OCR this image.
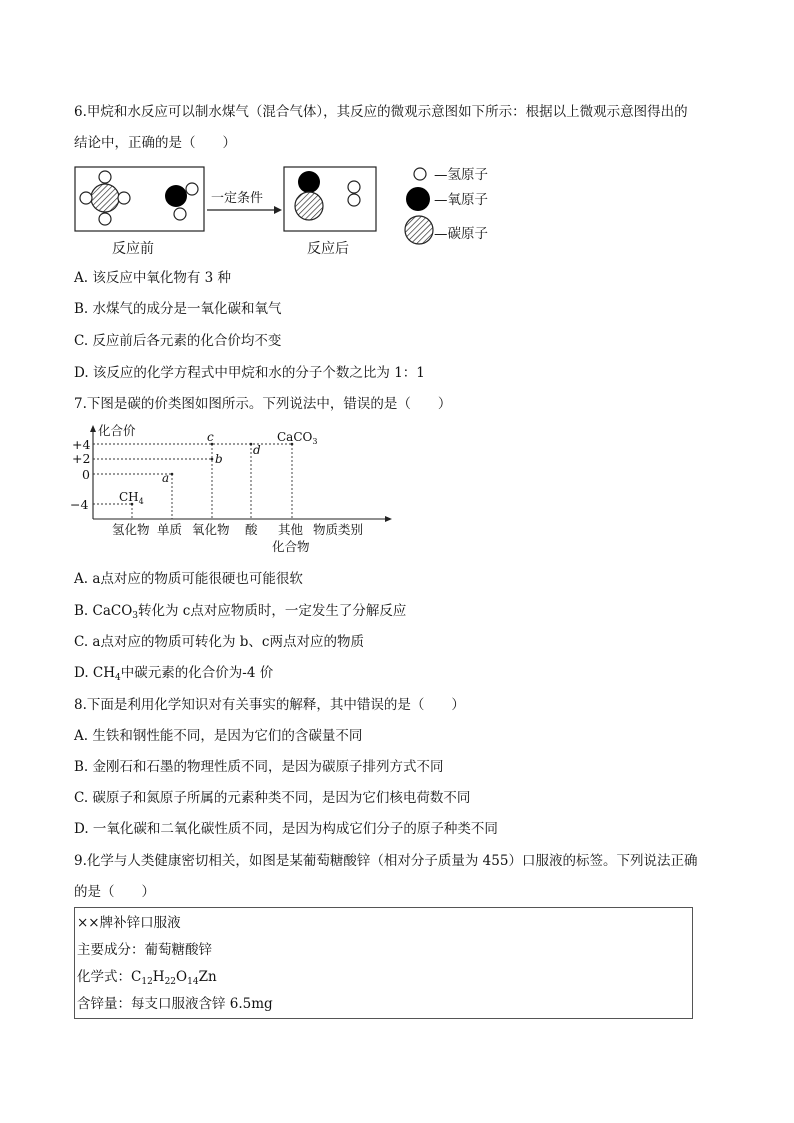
6.甲烷和水反应可以制水煤气（混合气体），其反应的微观示意图如下所示：根据以上微观示意图得出的
结论中，正确的是（　　）
一定条件
反应前	反应后
—氢原子
—氧原子
—碳原子
A. 该反应中氧化物有 3 种
B. 水煤气的成分是一氧化碳和氧气
C. 反应前后各元素的化合价均不变
D. 该反应的化学方程式中甲烷和水的分子个数之比为 1：1
7.下图是碳的价类图如图所示。下列说法中，错误的是（　　）
化合价
+4
+2
0
−4	$CH_4$
a
b
c
d
CaCO$_3$
氢化物 单质 氧化物 酸 其他
化合物
物质类别
A. a点对应的物质可能很硬也可能很软
B. CaCO$_3$转化为 c点对应物质时，一定发生了分解反应
C. a点对应的物质可转化为 b、c两点对应的物质
D. $CH_4$中碳元素的化合价为-4 价
8.下面是利用化学知识对有关事实的解释，其中错误的是（　　）
A. 生铁和钢性能不同，是因为它们的含碳量不同
B. 金刚石和石墨的物理性质不同，是因为碳原子排列方式不同
C. 碳原子和氮原子所属的元素种类不同，是因为它们核电荷数不同
D. 一氧化碳和二氧化碳性质不同，是因为构成它们分子的原子种类不同
9.化学与人类健康密切相关，如图是某葡萄糖酸锌（相对分子质量为 455）口服液的标签。下列说法正确
的是（　　）
××牌补锌口服液
主要成分：葡萄糖酸锌
化学式：$C_{12}H_{22}O_{14}Zn$
含锌量：每支口服液含锌 6.5mg
